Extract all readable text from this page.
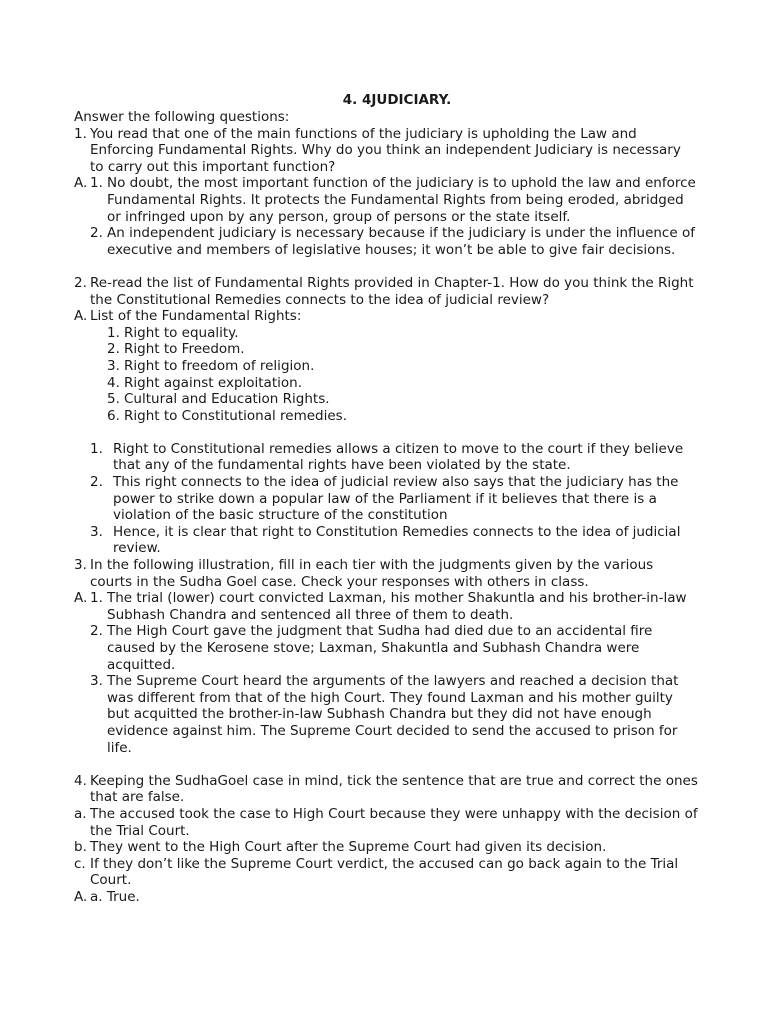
4. 4JUDICIARY.
Answer the following questions:
1. You read that one of the main functions of the judiciary is upholding the Law and Enforcing Fundamental Rights. Why do you think an independent Judiciary is necessary to carry out this important function?
A. 1. No doubt, the most important function of the judiciary is to uphold the law and enforce Fundamental Rights. It protects the Fundamental Rights from being eroded, abridged or infringed upon by any person, group of persons or the state itself.
2. An independent judiciary is necessary because if the judiciary is under the influence of executive and members of legislative houses; it won’t be able to give fair decisions.
2. Re-read the list of Fundamental Rights provided in Chapter-1. How do you think the Right the Constitutional Remedies connects to the idea of judicial review?
A. List of the Fundamental Rights:
1. Right to equality.
2. Right to Freedom.
3. Right to freedom of religion.
4. Right against exploitation.
5. Cultural and Education Rights.
6. Right to Constitutional remedies.
1. Right to Constitutional remedies allows a citizen to move to the court if they believe that any of the fundamental rights have been violated by the state.
2. This right connects to the idea of judicial review also says that the judiciary has the power to strike down a popular law of the Parliament if it believes that there is a violation of the basic structure of the constitution
3. Hence, it is clear that right to Constitution Remedies connects to the idea of judicial review.
3. In the following illustration, fill in each tier with the judgments given by the various courts in the Sudha Goel case. Check your responses with others in class.
A. 1. The trial (lower) court convicted Laxman, his mother Shakuntla and his brother-in-law Subhash Chandra and sentenced all three of them to death.
2. The High Court gave the judgment that Sudha had died due to an accidental fire caused by the Kerosene stove; Laxman, Shakuntla and Subhash Chandra were acquitted.
3. The Supreme Court heard the arguments of the lawyers and reached a decision that was different from that of the high Court. They found Laxman and his mother guilty but acquitted the brother-in-law Subhash Chandra but they did not have enough evidence against him. The Supreme Court decided to send the accused to prison for life.
4. Keeping the SudhaGoel case in mind, tick the sentence that are true and correct the ones that are false.
a. The accused took the case to High Court because they were unhappy with the decision of the Trial Court.
b. They went to the High Court after the Supreme Court had given its decision.
c. If they don’t like the Supreme Court verdict, the accused can go back again to the Trial Court.
A. a. True.
